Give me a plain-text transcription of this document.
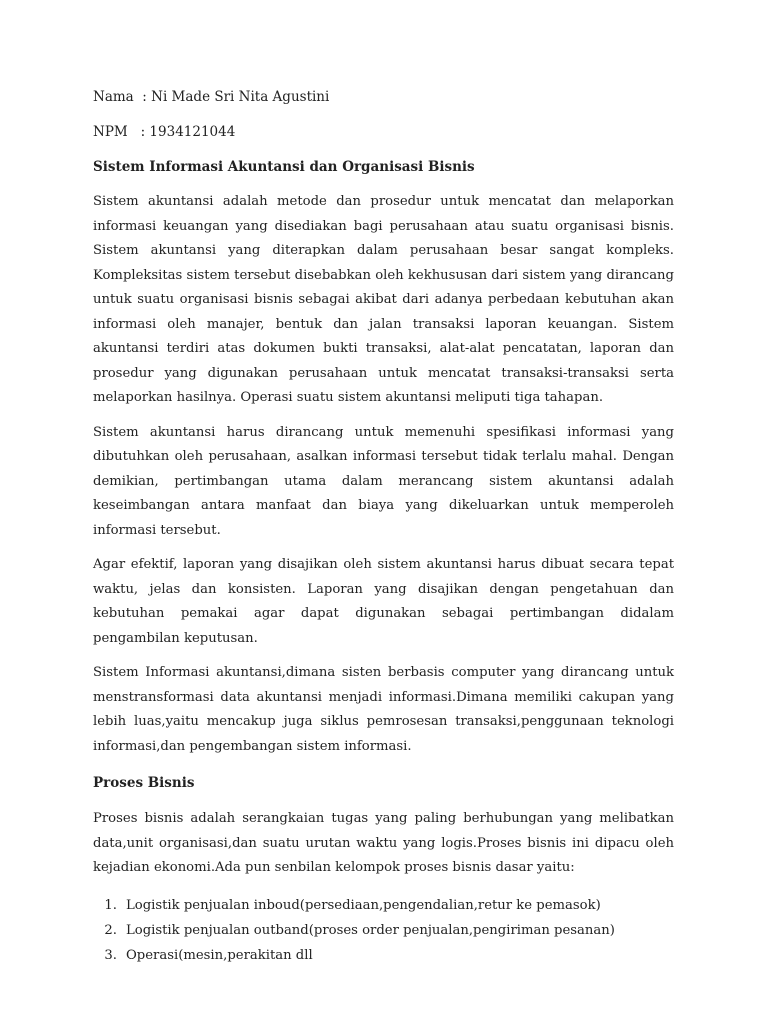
Nama  : Ni Made Sri Nita Agustini

NPM   : 1934121044

Sistem Informasi Akuntansi dan Organisasi Bisnis

Sistem akuntansi adalah metode dan prosedur untuk mencatat dan melaporkan informasi keuangan yang disediakan bagi perusahaan atau suatu organisasi bisnis. Sistem akuntansi yang diterapkan dalam perusahaan besar sangat kompleks. Kompleksitas sistem tersebut disebabkan oleh kekhususan dari sistem yang dirancang untuk suatu organisasi bisnis sebagai akibat dari adanya perbedaan kebutuhan akan informasi oleh manajer, bentuk dan jalan transaksi laporan keuangan. Sistem akuntansi terdiri atas dokumen bukti transaksi, alat-alat pencatatan, laporan dan prosedur yang digunakan perusahaan untuk mencatat transaksi-transaksi serta melaporkan hasilnya. Operasi suatu sistem akuntansi meliputi tiga tahapan.

Sistem akuntansi harus dirancang untuk memenuhi spesifikasi informasi yang dibutuhkan oleh perusahaan, asalkan informasi tersebut tidak terlalu mahal. Dengan demikian, pertimbangan utama dalam merancang sistem akuntansi adalah keseimbangan antara manfaat dan biaya yang dikeluarkan untuk memperoleh informasi tersebut.

Agar efektif, laporan yang disajikan oleh sistem akuntansi harus dibuat secara tepat waktu, jelas dan konsisten. Laporan yang disajikan dengan pengetahuan dan kebutuhan pemakai agar dapat digunakan sebagai pertimbangan didalam pengambilan keputusan.

Sistem Informasi akuntansi,dimana sisten berbasis computer yang dirancang untuk menstransformasi data akuntansi menjadi informasi.Dimana memiliki cakupan yang lebih luas,yaitu mencakup juga siklus pemrosesan transaksi,penggunaan teknologi informasi,dan pengembangan sistem informasi.

Proses Bisnis

Proses bisnis adalah serangkaian tugas yang paling berhubungan yang melibatkan data,unit organisasi,dan suatu urutan waktu yang logis.Proses bisnis ini dipacu oleh kejadian ekonomi.Ada pun senbilan kelompok proses bisnis dasar yaitu:

1. Logistik penjualan inboud(persediaan,pengendalian,retur ke pemasok)
2. Logistik penjualan outband(proses order penjualan,pengiriman pesanan)
3. Operasi(mesin,perakitan dll
